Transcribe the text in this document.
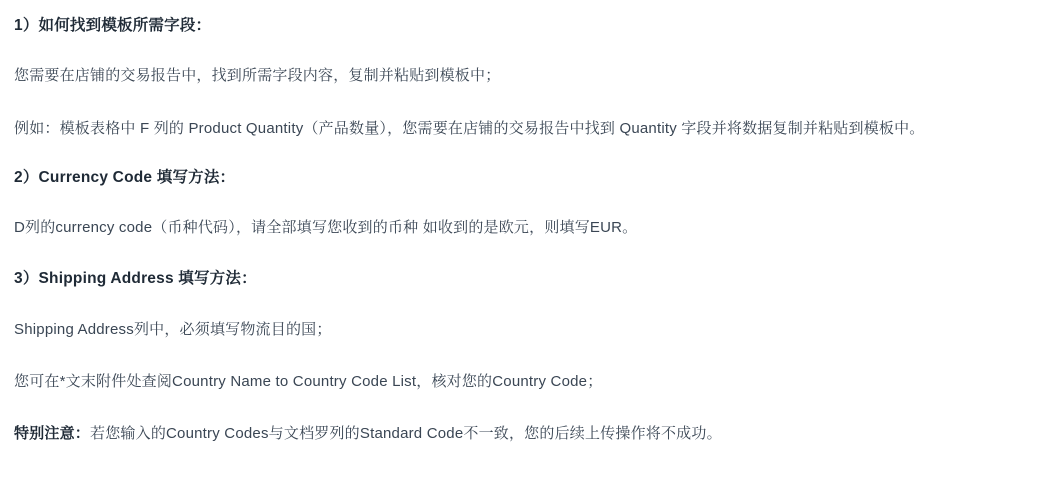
1）如何找到模板所需字段：
您需要在店铺的交易报告中，找到所需字段内容，复制并粘贴到模板中；
例如：模板表格中 F 列的 Product Quantity（产品数量），您需要在店铺的交易报告中找到 Quantity 字段并将数据复制并粘贴到模板中。
2）Currency Code 填写方法：
D列的currency code（币种代码），请全部填写您收到的币种 如收到的是欧元，则填写EUR。
3）Shipping Address 填写方法：
Shipping Address列中，必须填写物流目的国；
您可在*文末附件处查阅Country Name to Country Code List，核对您的Country Code；
特别注意：若您输入的Country Codes与文档罗列的Standard Code不一致，您的后续上传操作将不成功。
